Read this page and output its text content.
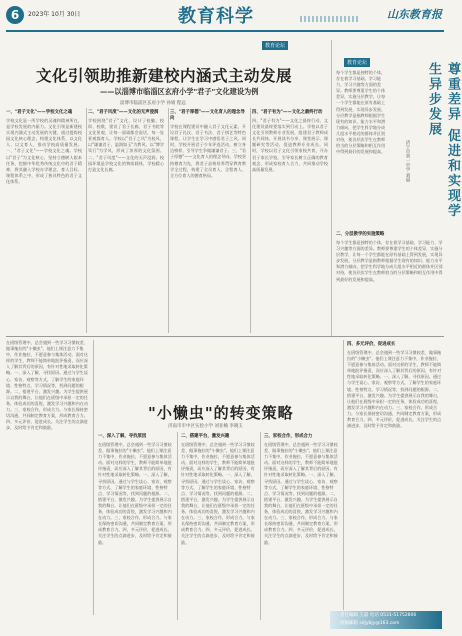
6	2023年 10月 30日	教育科学	山东教育报
教育论坛
文化引领助推新建校内涵式主动发展
——以淄博市临淄区玄府小学"君子"文化建设为例
淄博市临淄区玄府小学 孙娟 程远
一、"君子文化"——学校文化之魂
学校文化是一所学校的灵魂和精神所在，是学校发展的内驱力。文化引领是新建校实现内涵式主动发展的关键，通过提炼校园文化核心理念，构建文化体系，以文化人、以文育人，推动学校高质量发展。一、"君子文化"——学校文化之魂。学校以"君子"为文化核心，坚持立德树人根本任务，挖掘中华优秀传统文化中的君子精神，将其融入学校办学理念、育人目标、课程体系之中，形成了独具特色的君子文化体系。
二、"君子风度"——文化的无声浸润
学校围绕"君子"文化，设计了校徽、校训、校歌，建设了君子长廊、君子书院等文化景观，让每一面墙都会说话，每一处景观都育人。学校以"君子之风"为校风，以"谦谦君子，温润如玉"为教风，以"博学笃行"为学风，形成了浓厚的文化氛围。二、"君子风度"——文化的无声浸润。校园环境是学校文化的物质载体，学校精心打造文化长廊。
三、"君子厚德"——文化育人的理念导向
学校在课程建设中融入君子文化元素，开设君子礼仪、君子书法、君子棋艺等特色课程，让学生在学习中感悟君子之风。同时，学校开展君子少年评选活动，树立身边榜样，引导学生争做谦谦君子。三、"君子厚德"——文化育人的理念导向。学校坚持德育为先，将君子品格培养贯穿教育教学全过程，构建了全员育人、全程育人、全方位育人的德育格局。
四、"君子有为"——文化之最终行动
四、"君子有为"——文化之最终行动。文化建设最终要落实到行动上。学校以君子文化引领教师专业发展，组建君子教师成长共同体，开展读书分享、课堂展示、课题研究等活动，促进教师专业成长。同时，学校以君子文化引领家校共育，开办君子家长学校，引导家长树立正确的教育观念，形成家校育人合力，共同推动学校高质量发展。
教育论坛
每个学生都是独特的个体，存在着学习基础、学习能力、学习兴趣等方面的差异。教师要尊重学生的个体差异，实施分层教学，让每一个学生都能在原有基础上得到发展，实现异步发展。分层教学是指教师根据学生现有的知识、能力水平和潜力倾向，把学生科学地分成几组水平相近的群体并区别对待，使各层次学生在教师恰当的分层策略和相互作用中得到最好的发展和提高。	尊重差异 促进和实现学生异步发展
济宁市第一中学 刘丽
二、分层教学的实施策略
每个学生都是独特的个体，存在着学习基础、学习能力、学习兴趣等方面的差异。教师要尊重学生的个体差异，实施分层教学，让每一个学生都能在原有基础上得到发展，实现异步发展。分层教学是指教师根据学生现有的知识、能力水平和潜力倾向，把学生科学地分成几组水平相近的群体并区别对待，使各层次学生在教师恰当的分层策略和相互作用中得到最好的发展和提高。
在班级管理中，总会遇到一些学习习惯较差、做事拖拉的"小懒虫"。他们上课注意力不集中，作业拖拉，不愿意参与集体活动。面对这样的学生，教师不能简单地批评指责，而应深入了解其背后的原因，有针对性地采取转化策略。一、深入了解，寻找原因。通过与学生谈心、家访、观察等方式，了解学生的家庭环境、性格特点、学习情况等，找到问题的根源。二、搭建平台，激发兴趣。为学生提供展示自我的舞台，让他们在班级中承担一定的任务，体验成功的喜悦，激发学习兴趣和内在动力。三、家校合作，形成合力。与家长保持密切沟通，共同制定教育方案，形成教育合力。四、多元评价，促进成长。关注学生的点滴进步，及时给予肯定和鼓励。
"小懒虫"的转变策略
济南市市中区实验小学 刘亚楠 李晓玉
一、深入了解，寻找原因
在班级管理中，总会遇到一些学习习惯较差、做事拖拉的"小懒虫"。他们上课注意力不集中，作业拖拉，不愿意参与集体活动。面对这样的学生，教师不能简单地批评指责，而应深入了解其背后的原因，有针对性地采取转化策略。一、深入了解，寻找原因。通过与学生谈心、家访、观察等方式，了解学生的家庭环境、性格特点、学习情况等，找到问题的根源。二、搭建平台，激发兴趣。为学生提供展示自我的舞台，让他们在班级中承担一定的任务，体验成功的喜悦，激发学习兴趣和内在动力。三、家校合作，形成合力。与家长保持密切沟通，共同制定教育方案，形成教育合力。四、多元评价，促进成长。关注学生的点滴进步，及时给予肯定和鼓励。
二、搭建平台，激发兴趣
在班级管理中，总会遇到一些学习习惯较差、做事拖拉的"小懒虫"。他们上课注意力不集中，作业拖拉，不愿意参与集体活动。面对这样的学生，教师不能简单地批评指责，而应深入了解其背后的原因，有针对性地采取转化策略。一、深入了解，寻找原因。通过与学生谈心、家访、观察等方式，了解学生的家庭环境、性格特点、学习情况等，找到问题的根源。二、搭建平台，激发兴趣。为学生提供展示自我的舞台，让他们在班级中承担一定的任务，体验成功的喜悦，激发学习兴趣和内在动力。三、家校合作，形成合力。与家长保持密切沟通，共同制定教育方案，形成教育合力。四、多元评价，促进成长。关注学生的点滴进步，及时给予肯定和鼓励。
三、家校合作，形成合力
在班级管理中，总会遇到一些学习习惯较差、做事拖拉的"小懒虫"。他们上课注意力不集中，作业拖拉，不愿意参与集体活动。面对这样的学生，教师不能简单地批评指责，而应深入了解其背后的原因，有针对性地采取转化策略。一、深入了解，寻找原因。通过与学生谈心、家访、观察等方式，了解学生的家庭环境、性格特点、学习情况等，找到问题的根源。二、搭建平台，激发兴趣。为学生提供展示自我的舞台，让他们在班级中承担一定的任务，体验成功的喜悦，激发学习兴趣和内在动力。三、家校合作，形成合力。与家长保持密切沟通，共同制定教育方案，形成教育合力。四、多元评价，促进成长。关注学生的点滴进步，及时给予肯定和鼓励。
四、多元评价，促进成长
在班级管理中，总会遇到一些学习习惯较差、做事拖拉的"小懒虫"。他们上课注意力不集中，作业拖拉，不愿意参与集体活动。面对这样的学生，教师不能简单地批评指责，而应深入了解其背后的原因，有针对性地采取转化策略。一、深入了解，寻找原因。通过与学生谈心、家访、观察等方式，了解学生的家庭环境、性格特点、学习情况等，找到问题的根源。二、搭建平台，激发兴趣。为学生提供展示自我的舞台，让他们在班级中承担一定的任务，体验成功的喜悦，激发学习兴趣和内在动力。三、家校合作，形成合力。与家长保持密切沟通，共同制定教育方案，形成教育合力。四、多元评价，促进成长。关注学生的点滴进步，及时给予肯定和鼓励。
责任编辑 王磊 电话 0531-51752806
投稿邮箱 sdjybjy@163.com
